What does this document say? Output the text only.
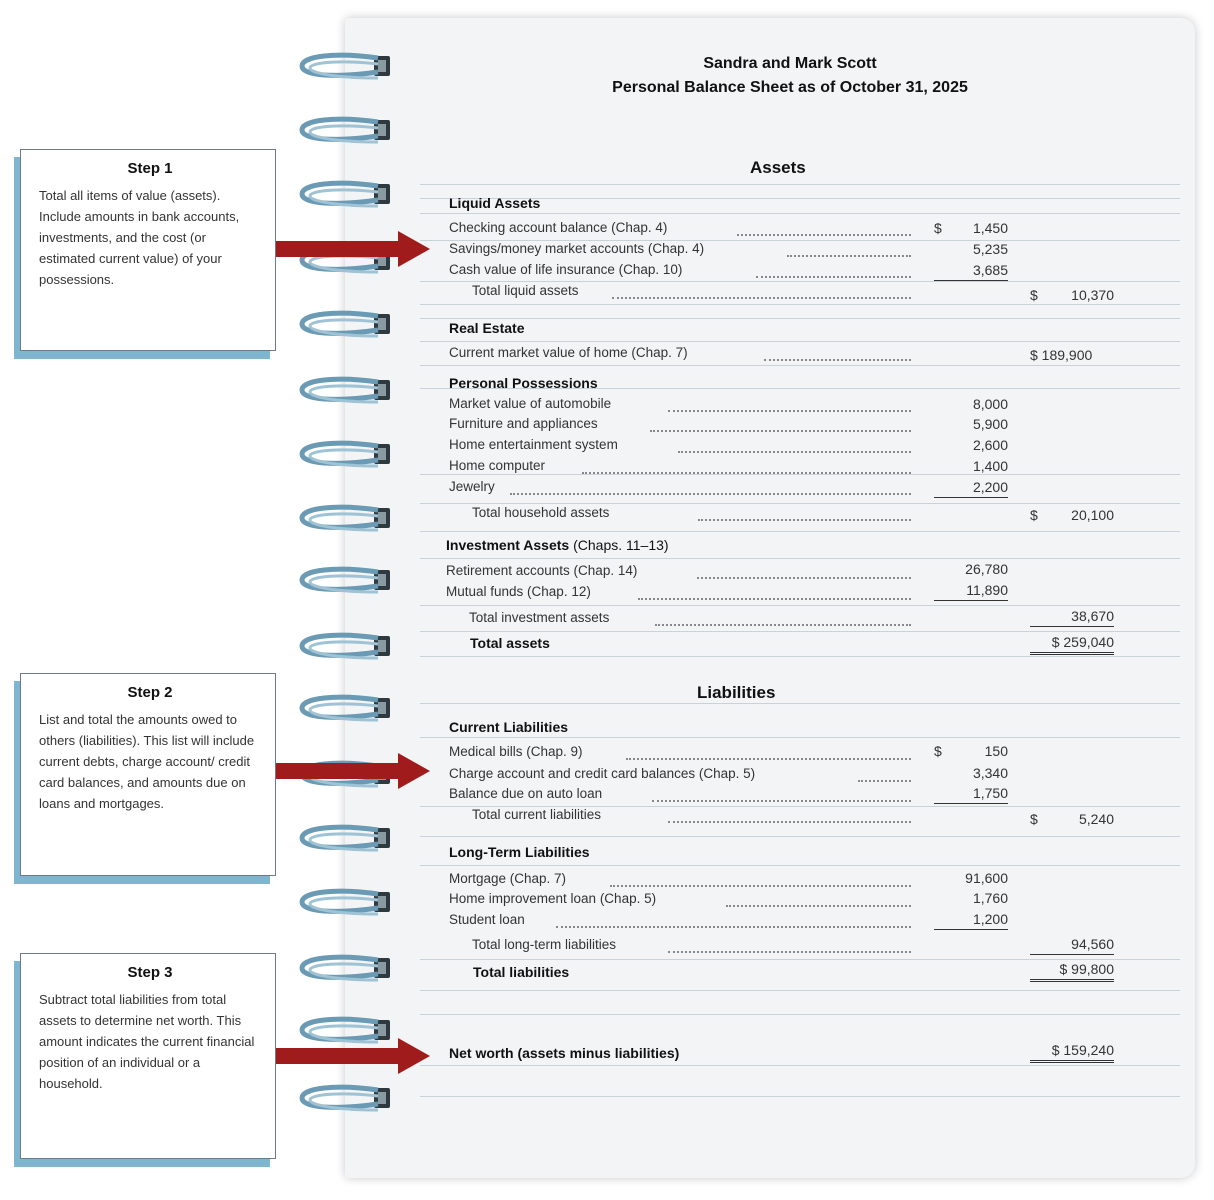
Step 1

Total all items of value (assets). Include amounts in bank accounts, investments, and the cost (or estimated current value) of your possessions.

Step 2

List and total the amounts owed to others (liabilities). This list will include current debts, charge account/ credit card balances, and amounts due on loans and mortgages.

Step 3

Subtract total liabilities from total assets to determine net worth. This amount indicates the current financial position of an individual or a household.

Sandra and Mark Scott
Personal Balance Sheet as of October 31, 2025
Assets
Liquid Assets
Checking account balance (Chap. 4)	$ 1,450
Savings/money market accounts (Chap. 4)	5,235
Cash value of life insurance (Chap. 10)	3,685
Total liquid assets	$ 10,370
Real Estate
Current market value of home (Chap. 7)	$ 189,900
Personal Possessions
Market value of automobile	8,000
Furniture and appliances	5,900
Home entertainment system	2,600
Home computer	1,400
Jewelry	2,200
Total household assets	$ 20,100
Investment Assets (Chaps. 11–13)
Retirement accounts (Chap. 14)	26,780
Mutual funds (Chap. 12)	11,890
Total investment assets	38,670
Total assets	$ 259,040
Liabilities
Current Liabilities
Medical bills (Chap. 9)	$	150
Charge account and credit card balances (Chap. 5)	3,340
Balance due on auto loan	1,750
Total current liabilities	$	5,240
Long-Term Liabilities
Mortgage (Chap. 7)	91,600
Home improvement loan (Chap. 5)	1,760
Student loan	1,200
Total long-term liabilities	94,560
Total liabilities	$ 99,800
Net worth (assets minus liabilities)	$ 159,240
